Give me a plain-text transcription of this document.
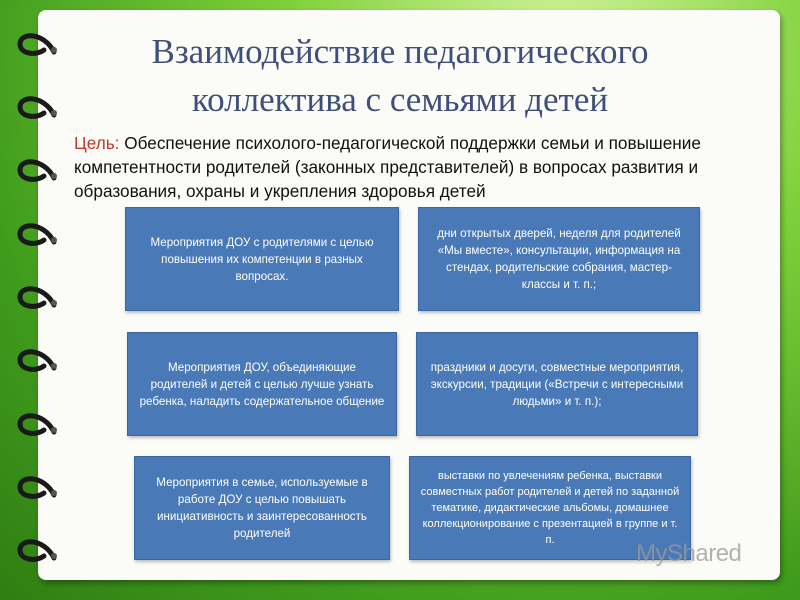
Взаимодействие педагогического коллектива с семьями детей
Цель: Обеспечение психолого-педагогической поддержки семьи и повышение компетентности родителей (законных представителей) в вопросах развития и образования, охраны и укрепления здоровья детей
Мероприятия ДОУ с родителями с целью повышения их компетенции в разных вопросах.
дни открытых дверей, неделя для родителей «Мы вместе», консультации, информация на стендах, родительские собрания, мастер-классы и т. п.;
Мероприятия ДОУ, объединяющие родителей и детей с целью лучше узнать ребенка, наладить содержательное общение
праздники и досуги, совместные мероприятия, экскурсии, традиции («Встречи с интересными людьми» и т. п.);
Мероприятия в семье, используемые в работе ДОУ с целью повышать инициативность и заинтересованность родителей
выставки по увлечениям ребенка, выставки совместных работ родителей и детей по заданной тематике, дидактические альбомы, домашнее коллекционирование с презентацией в группе и т. п.	MyShared
